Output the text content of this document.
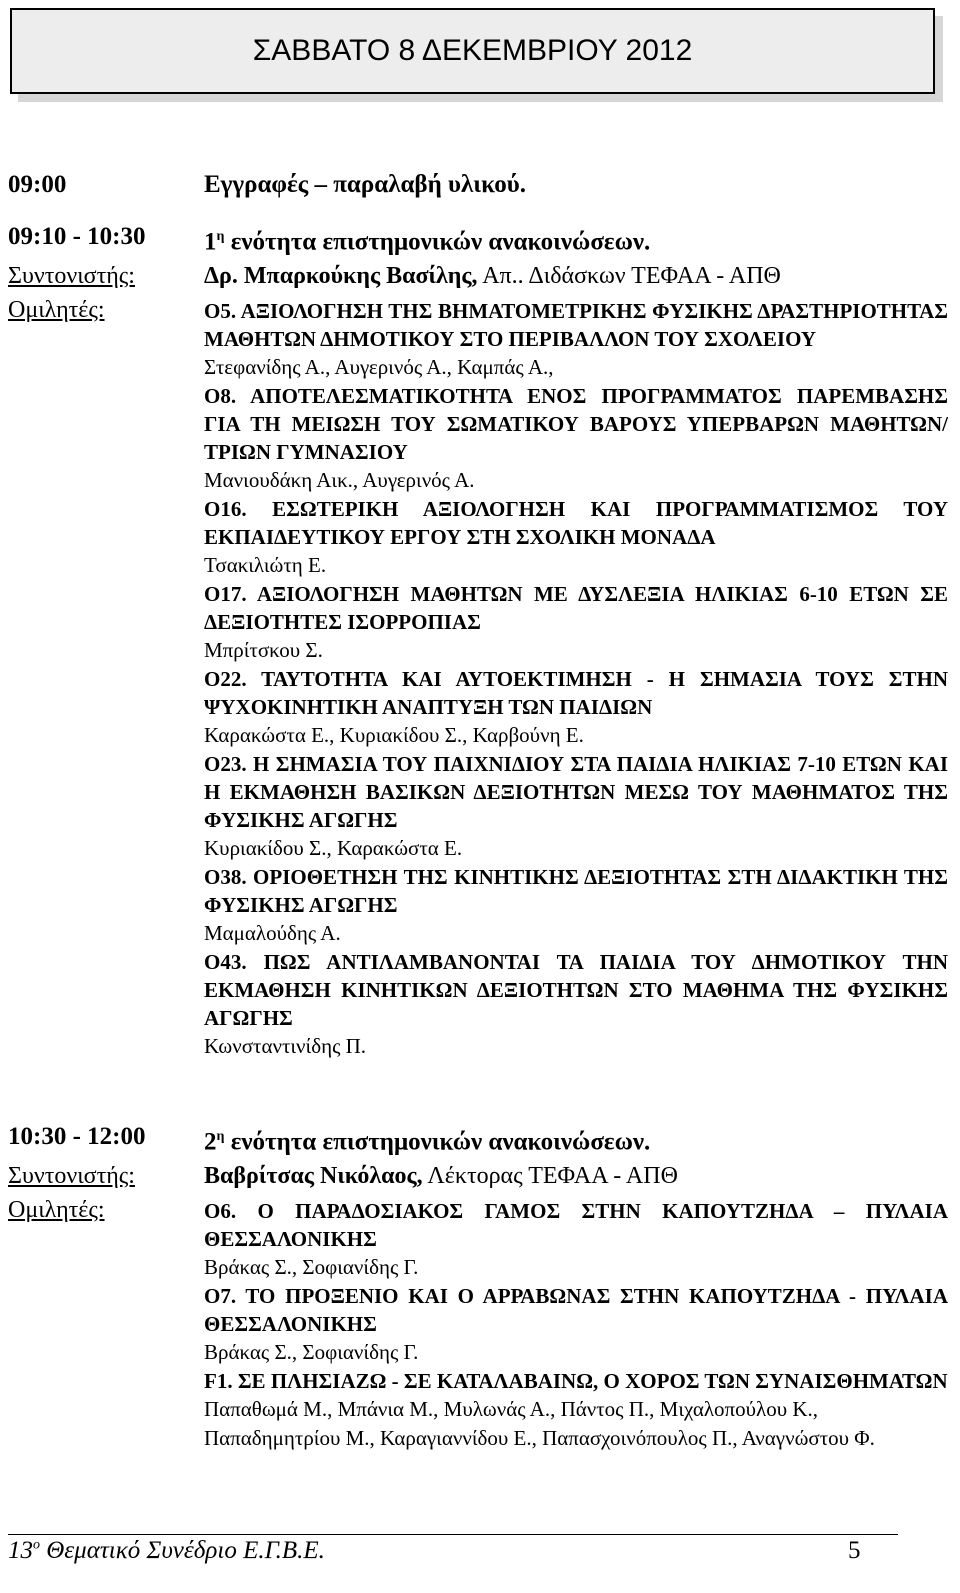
ΣΑΒΒΑΤΟ 8 ΔΕΚΕΜΒΡΙΟΥ 2012
09:00	Εγγραφές – παραλαβή υλικού.
09:10 - 10:30	$1^\eta$ ενότητα επιστημονικών ανακοινώσεων.
Συντονιστής:	Δρ. Μπαρκούκης Βασίλης, Απ.. Διδάσκων ΤΕΦΑΑ - ΑΠΘ
Ομιλητές:	Ο5. ΑΞΙΟΛΟΓΗΣΗ ΤΗΣ ΒΗΜΑΤΟΜΕΤΡΙΚΗΣ ΦΥΣΙΚΗΣ ΔΡΑΣΤΗΡΙΟΤΗΤΑΣ ΜΑΘΗΤΩΝ ΔΗΜΟΤΙΚΟΥ ΣΤΟ ΠΕΡΙΒΑΛΛΟΝ ΤΟΥ ΣΧΟΛΕΙΟΥ
Στεφανίδης Α., Αυγερινός Α., Καμπάς Α.,
Ο8. ΑΠΟΤΕΛΕΣΜΑΤΙΚΟΤΗΤΑ ΕΝΟΣ ΠΡΟΓΡΑΜΜΑΤΟΣ ΠΑΡΕΜΒΑΣΗΣ ΓΙΑ ΤΗ ΜΕΙΩΣΗ ΤΟΥ ΣΩΜΑΤΙΚΟΥ ΒΑΡΟΥΣ ΥΠΕΡΒΑΡΩΝ ΜΑΘΗΤΩΝ/ΤΡΙΩΝ ΓΥΜΝΑΣΙΟΥ
Μανιουδάκη Αικ., Αυγερινός Α.
Ο16. ΕΣΩΤΕΡΙΚΗ ΑΞΙΟΛΟΓΗΣΗ ΚΑΙ ΠΡΟΓΡΑΜΜΑΤΙΣΜΟΣ ΤΟΥ ΕΚΠΑΙΔΕΥΤΙΚΟΥ ΕΡΓΟΥ ΣΤΗ ΣΧΟΛΙΚΗ ΜΟΝΑΔΑ
Τσακιλιώτη Ε.
Ο17. ΑΞΙΟΛΟΓΗΣΗ ΜΑΘΗΤΩΝ ΜΕ ΔΥΣΛΕΞΙΑ ΗΛΙΚΙΑΣ 6-10 ΕΤΩΝ ΣΕ ΔΕΞΙΟΤΗΤΕΣ ΙΣΟΡΡΟΠΙΑΣ
Μπρίτσκου Σ.
Ο22. ΤΑΥΤΟΤΗΤΑ ΚΑΙ ΑΥΤΟΕΚΤΙΜΗΣΗ - Η ΣΗΜΑΣΙΑ ΤΟΥΣ ΣΤΗΝ ΨΥΧΟΚΙΝΗΤΙΚΗ ΑΝΑΠΤΥΞΗ ΤΩΝ ΠΑΙΔΙΩΝ
Καρακώστα Ε., Κυριακίδου Σ., Καρβούνη Ε.
Ο23. Η ΣΗΜΑΣΙΑ ΤΟΥ ΠΑΙΧΝΙΔΙΟΥ ΣΤΑ ΠΑΙΔΙΑ ΗΛΙΚΙΑΣ 7-10 ΕΤΩΝ ΚΑΙ Η ΕΚΜΑΘΗΣΗ ΒΑΣΙΚΩΝ ΔΕΞΙΟΤΗΤΩΝ ΜΕΣΩ ΤΟΥ ΜΑΘΗΜΑΤΟΣ ΤΗΣ ΦΥΣΙΚΗΣ ΑΓΩΓΗΣ
Κυριακίδου Σ., Καρακώστα Ε.
Ο38. ΟΡΙΟΘΕΤΗΣΗ ΤΗΣ ΚΙΝΗΤΙΚΗΣ ΔΕΞΙΟΤΗΤΑΣ ΣΤΗ ΔΙΔΑΚΤΙΚΗ ΤΗΣ ΦΥΣΙΚΗΣ ΑΓΩΓΗΣ
Μαμαλούδης Α.
Ο43. ΠΩΣ ΑΝΤΙΛΑΜΒΑΝΟΝΤΑΙ ΤΑ ΠΑΙΔΙΑ ΤΟΥ ΔΗΜΟΤΙΚΟΥ ΤΗΝ ΕΚΜΑΘΗΣΗ ΚΙΝΗΤΙΚΩΝ ΔΕΞΙΟΤΗΤΩΝ ΣΤΟ ΜΑΘΗΜΑ ΤΗΣ ΦΥΣΙΚΗΣ ΑΓΩΓΗΣ
Κωνσταντινίδης Π.
10:30 - 12:00	$2^\eta$ ενότητα επιστημονικών ανακοινώσεων.
Συντονιστής:	Βαβρίτσας Νικόλαος, Λέκτορας ΤΕΦΑΑ - ΑΠΘ
Ομιλητές:	Ο6. Ο ΠΑΡΑΔΟΣΙΑΚΟΣ ΓΑΜΟΣ ΣΤΗΝ ΚΑΠΟΥΤΖΗΔΑ – ΠΥΛΑΙΑ ΘΕΣΣΑΛΟΝΙΚΗΣ
Βράκας Σ., Σοφιανίδης Γ.
Ο7. ΤΟ ΠΡΟΞΕΝΙΟ ΚΑΙ Ο ΑΡΡΑΒΩΝΑΣ ΣΤΗΝ ΚΑΠΟΥΤΖΗΔΑ - ΠΥΛΑΙΑ ΘΕΣΣΑΛΟΝΙΚΗΣ
Βράκας Σ., Σοφιανίδης Γ.
F1. ΣΕ ΠΛΗΣΙΑΖΩ - ΣΕ ΚΑΤΑΛΑΒΑΙΝΩ, Ο ΧΟΡΟΣ ΤΩΝ ΣΥΝΑΙΣΘΗΜΑΤΩΝ
Παπαθωμά Μ., Μπάνια Μ., Μυλωνάς Α., Πάντος Π., Μιχαλοπούλου Κ., Παπαδημητρίου Μ., Καραγιαννίδου Ε., Παπασχοινόπουλος Π., Αναγνώστου Φ.
$13^o$ Θεματικό Συνέδριο Ε.Γ.Β.Ε.	5
